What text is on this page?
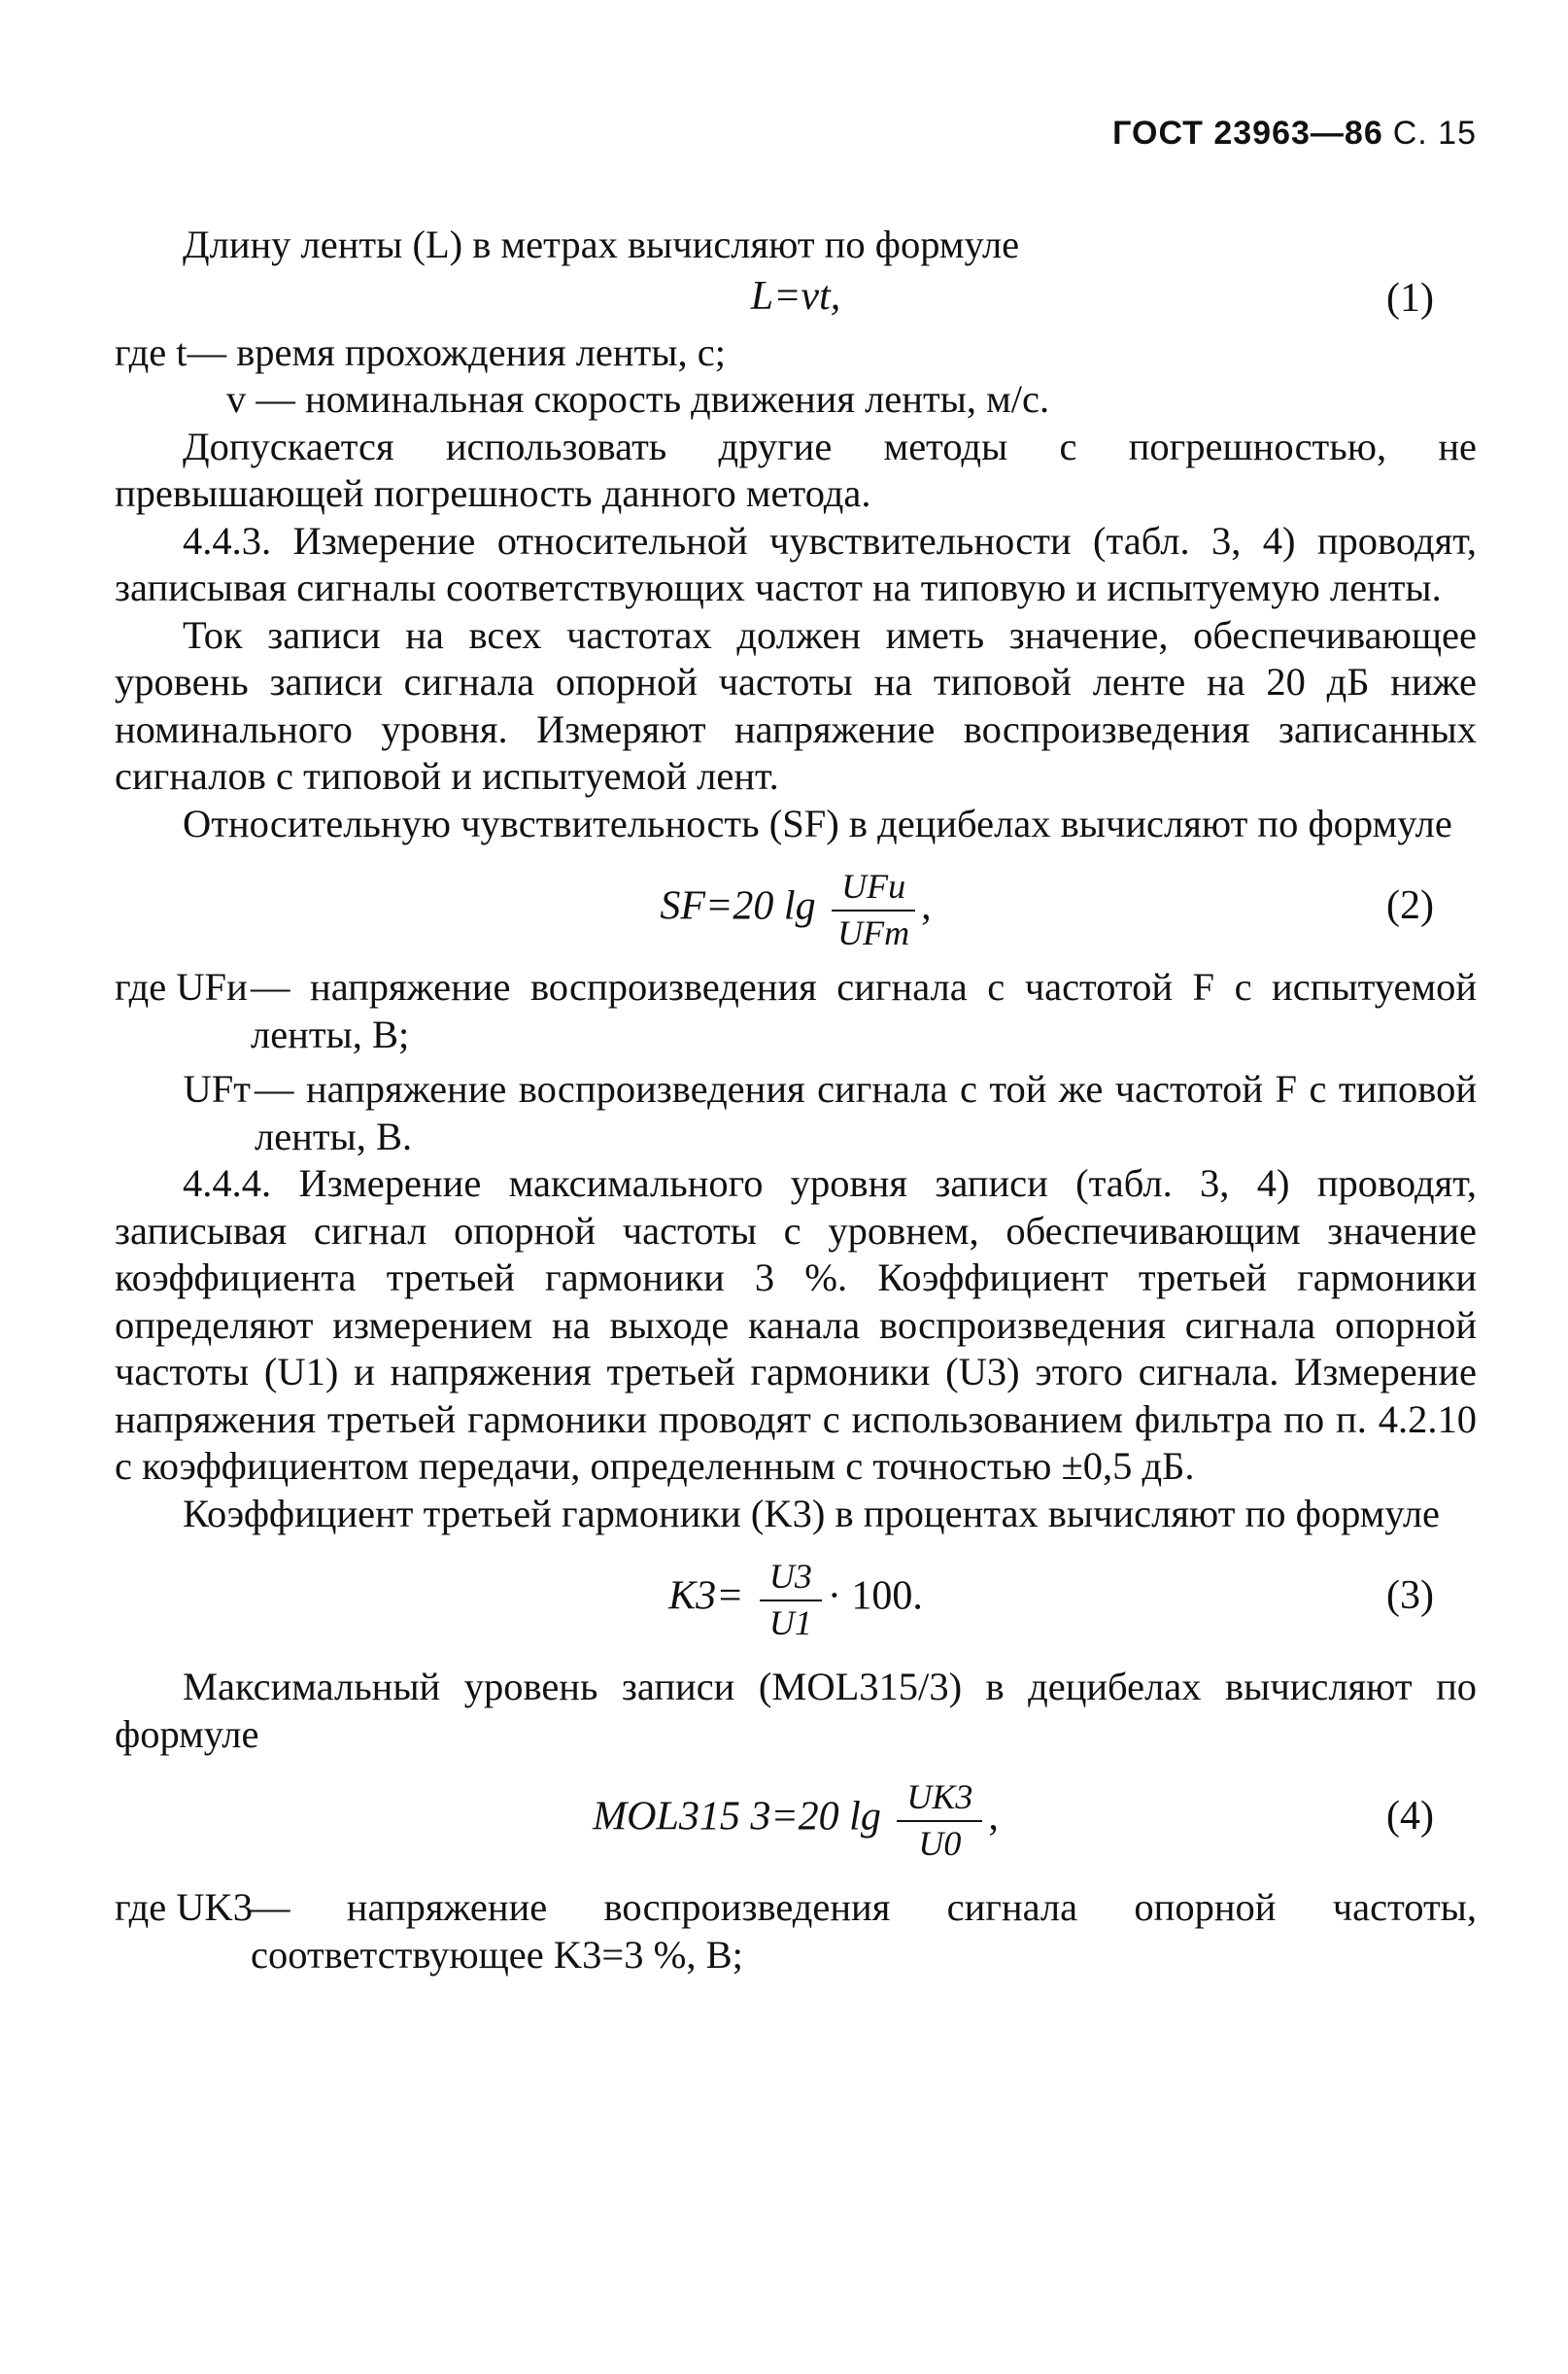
ГОСТ 23963—86 С. 15

Длину ленты (L) в метрах вычисляют по формуле

L=vt,	(1)
где t — время прохождения ленты, с;

v — номинальная скорость движения ленты, м/с.

Допускается использовать другие методы с погрешностью, не превышающей погрешность данного метода.

4.4.3. Измерение относительной чувствительности (табл. 3, 4) проводят, записывая сигналы соответствующих частот на типовую и испытуемую ленты.

Ток записи на всех частотах должен иметь значение, обеспечивающее уровень записи сигнала опорной частоты на типовой ленте на 20 дБ ниже номинального уровня. Измеряют напряжение воспроизведения записанных сигналов с типовой и испытуемой лент.

Относительную чувствительность (SF) в децибелах вычисляют по формуле

SF=20 $\lg \frac{\text{UFи}}{\text{UFт}}$ ,	(2)
где UFи — напряжение воспроизведения сигнала с частотой F с испытуемой ленты, В;
UFт — напряжение воспроизведения сигнала с той же частотой F с типовой ленты, В.

4.4.4. Измерение максимального уровня записи (табл. 3, 4) проводят, записывая сигнал опорной частоты с уровнем, обеспечивающим значение коэффициента третьей гармоники 3 %. Коэффициент третьей гармоники определяют измерением на выходе канала воспроизведения сигнала опорной частоты (U1) и напряжения третьей гармоники (U3) этого сигнала. Измерение напряжения третьей гармоники проводят с использованием фильтра по п. 4.2.10 с коэффициентом передачи, определенным с точностью ±0,5 дБ.

Коэффициент третьей гармоники (K3) в процентах вычисляют по формуле

$K3= \frac{U3}{U1} \cdot 100$.	(3)

Максимальный уровень записи (MOL315/3) в децибелах вычисляют по формуле

MOL315 3=20 $\lg \frac{UK3}{U0}$ ,	(4)
где UK3
— напряжение воспроизведения сигнала опорной частоты, соответствующее K3=3 %, В;
